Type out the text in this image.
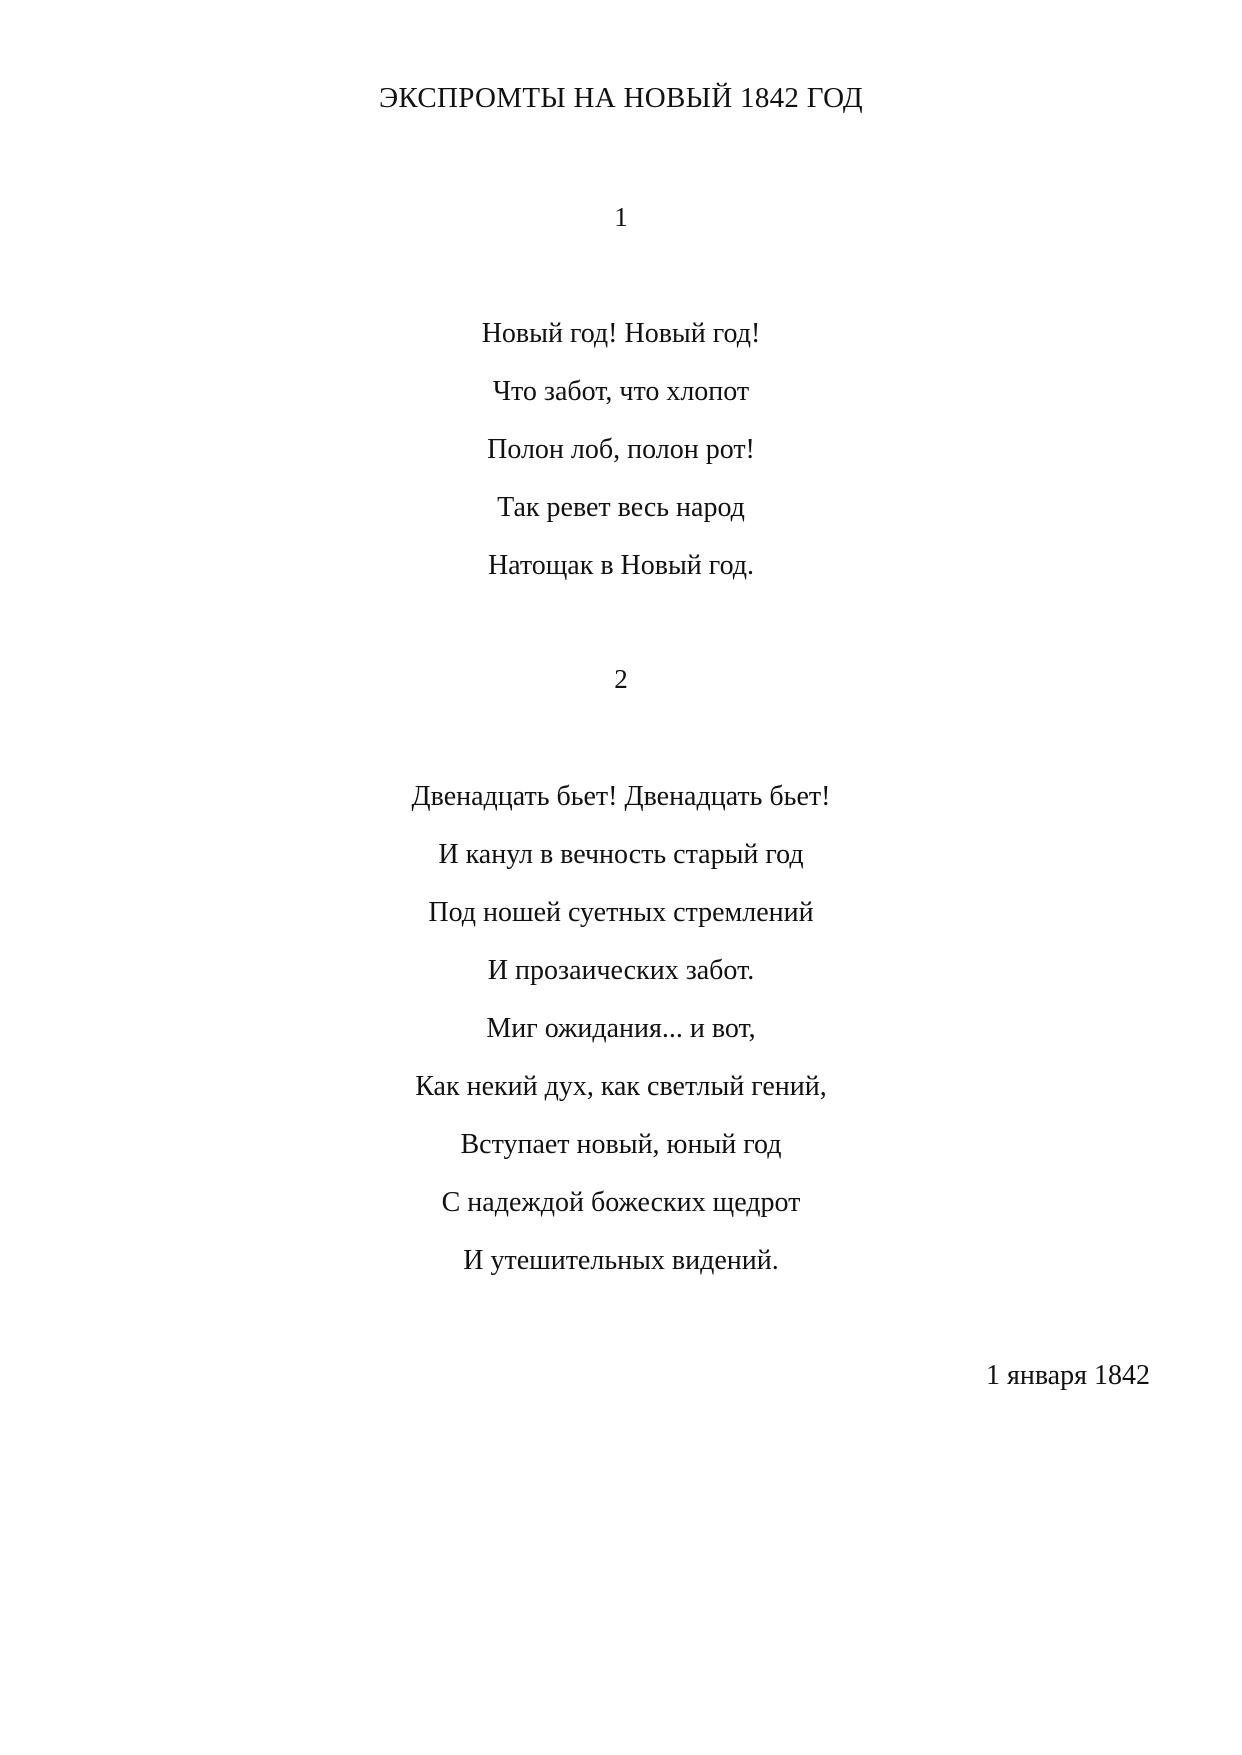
ЭКСПРОМТЫ НА НОВЫЙ 1842 ГОД
1
Новый год! Новый год!
Что забот, что хлопот
Полон лоб, полон рот!
Так ревет весь народ
Натощак в Новый год.
2
Двенадцать бьет! Двенадцать бьет!
И канул в вечность старый год
Под ношей суетных стремлений
И прозаических забот.
Миг ожидания... и вот,
Как некий дух, как светлый гений,
Вступает новый, юный год
С надеждой божеских щедрот
И утешительных видений.
1 января 1842
